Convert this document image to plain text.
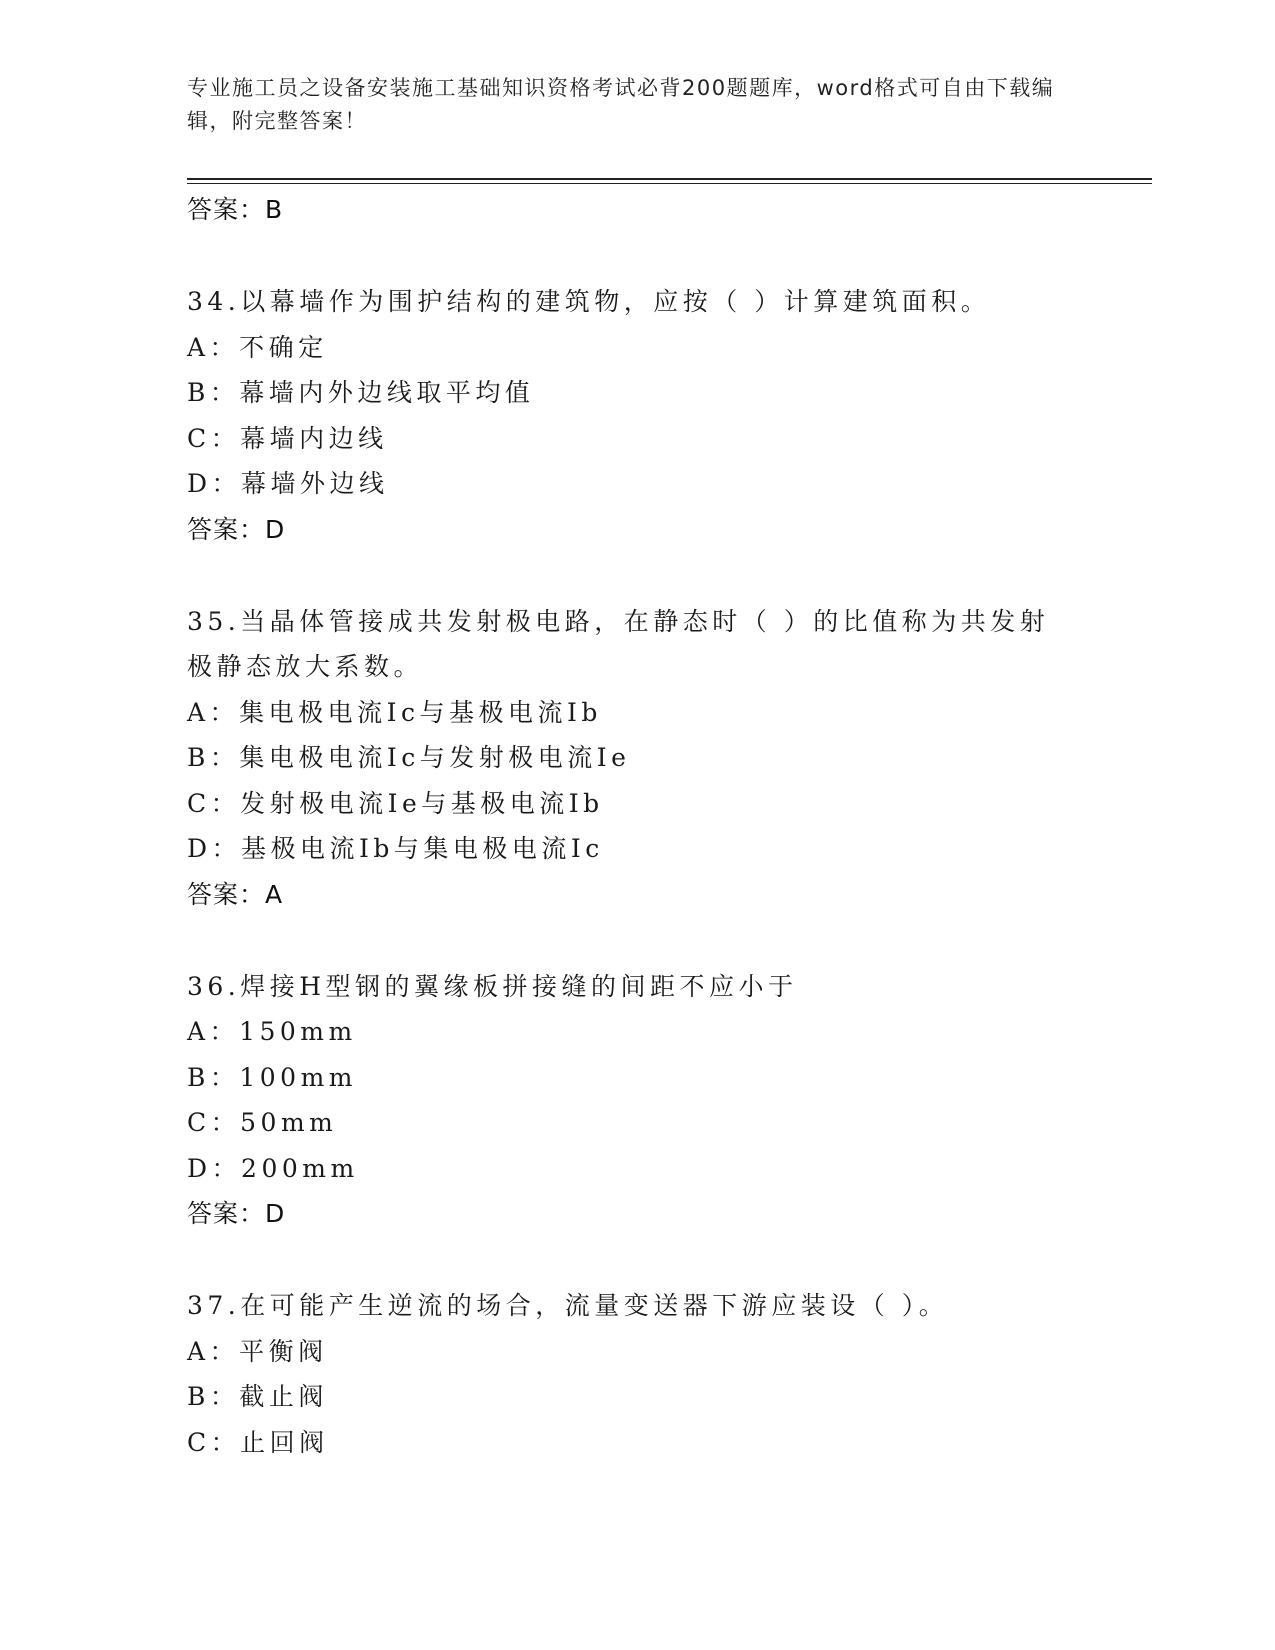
专业施工员之设备安装施工基础知识资格考试必背200题题库，word格式可自由下载编辑，附完整答案！
答案：B
34.以幕墙作为围护结构的建筑物，应按（ ）计算建筑面积。
A：不确定
B：幕墙内外边线取平均值
C：幕墙内边线
D：幕墙外边线
答案：D
35.当晶体管接成共发射极电路，在静态时（ ）的比值称为共发射极静态放大系数。
A：集电极电流Ic与基极电流Ib
B：集电极电流Ic与发射极电流Ie
C：发射极电流Ie与基极电流Ib
D：基极电流Ib与集电极电流Ic
答案：A
36.焊接H型钢的翼缘板拼接缝的间距不应小于
A：150mm
B：100mm
C：50mm
D：200mm
答案：D
37.在可能产生逆流的场合，流量变送器下游应装设（ ）。
A：平衡阀
B：截止阀
C：止回阀
